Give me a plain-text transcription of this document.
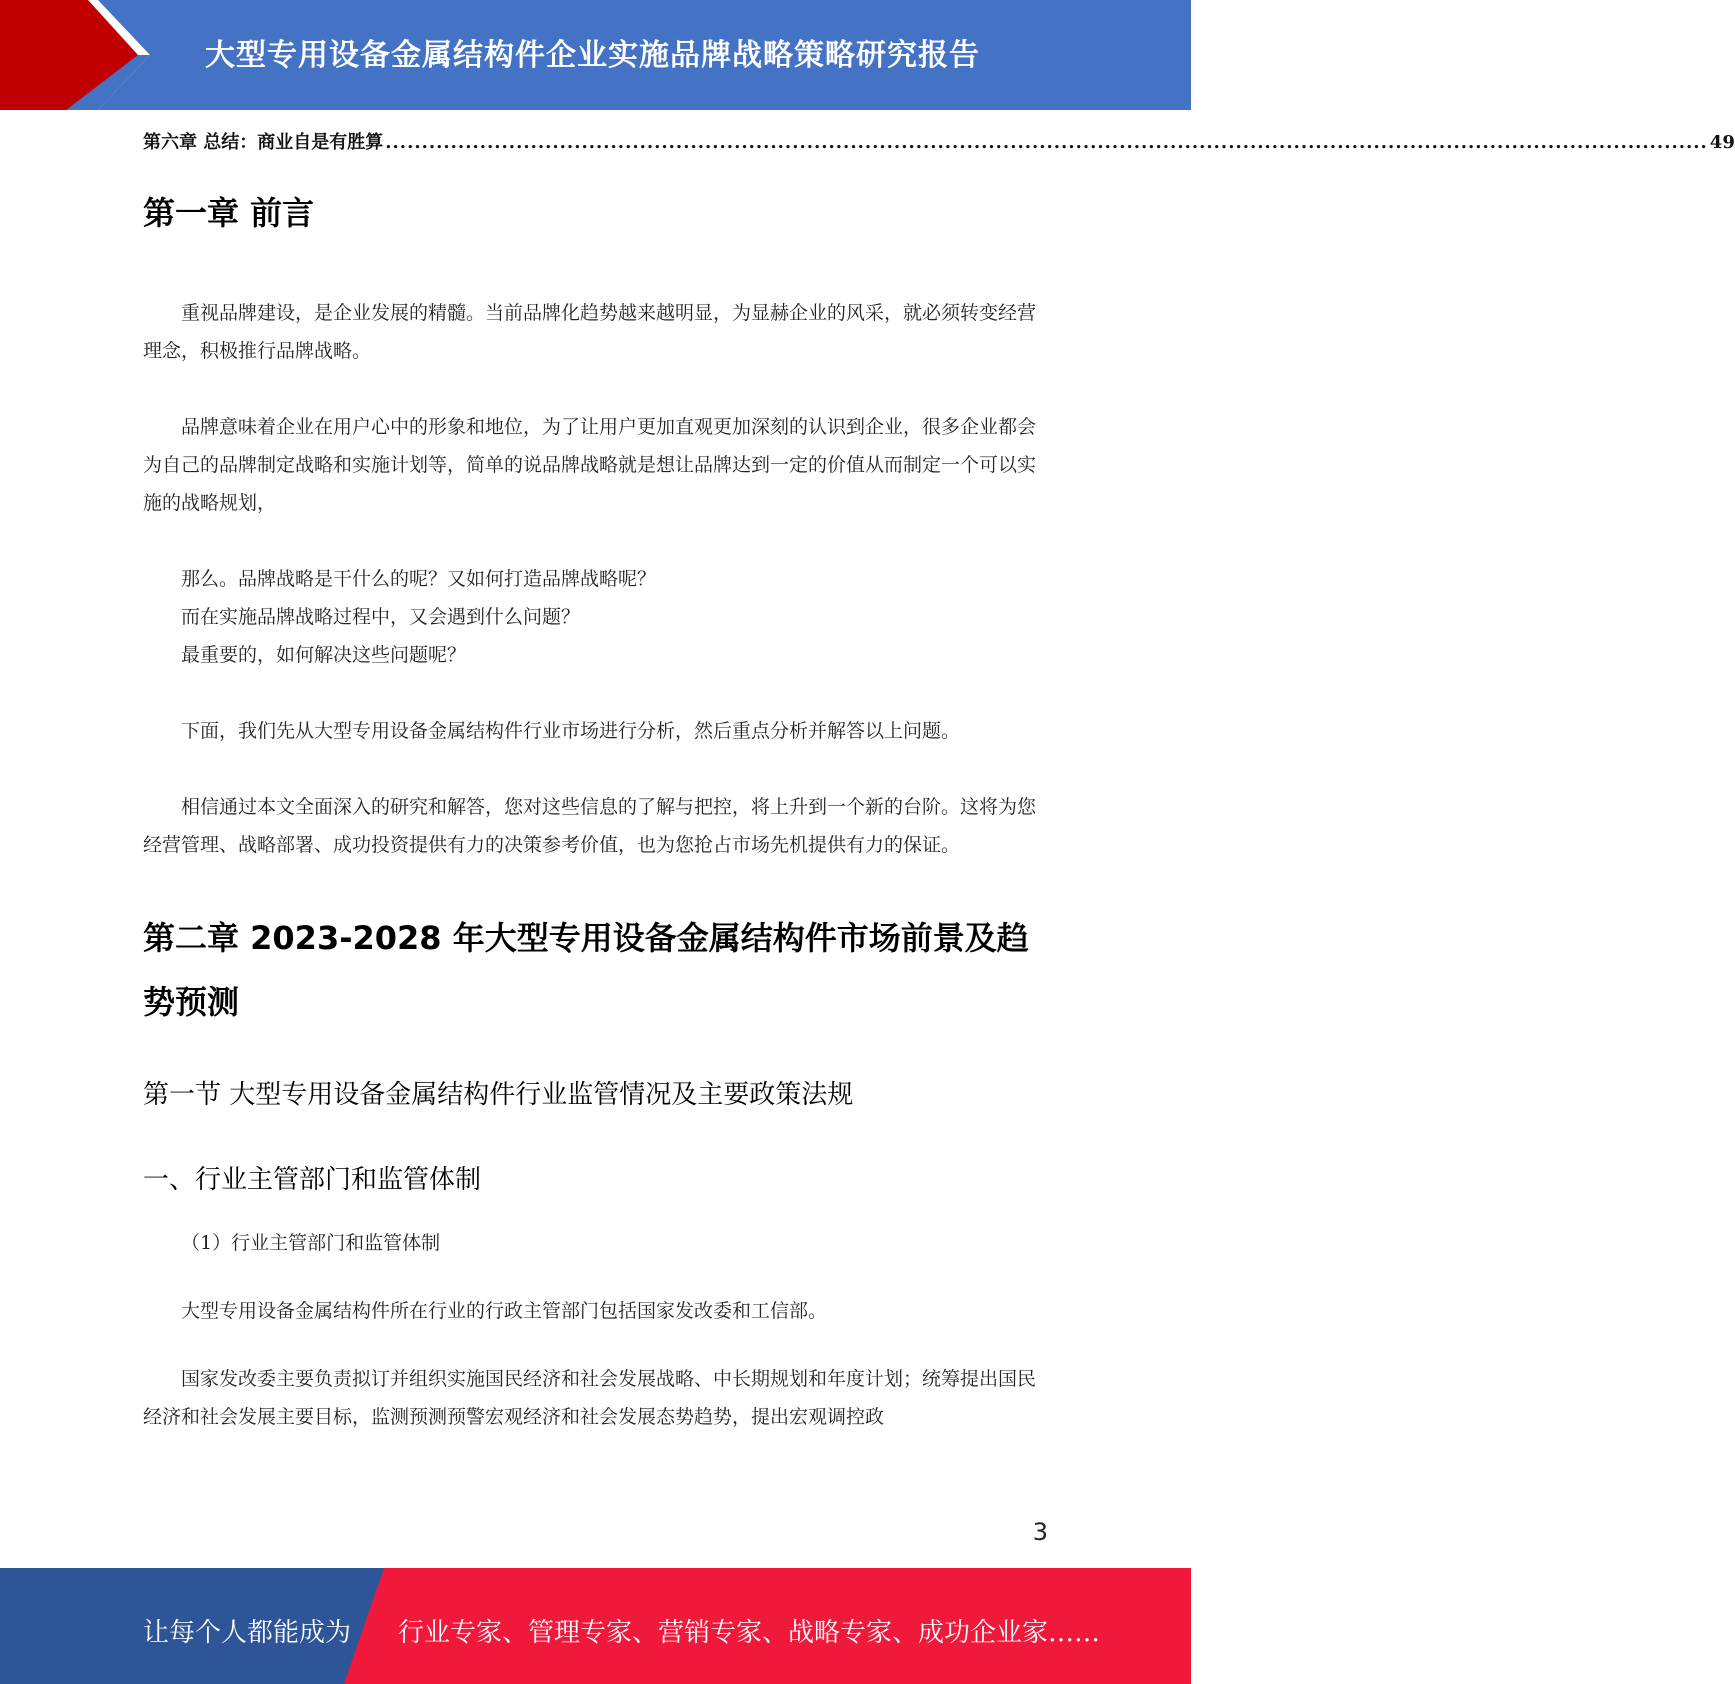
大型专用设备金属结构件企业实施品牌战略策略研究报告
第六章 总结：商业自是有胜算 ...................................................................................................................................................................................... 49
第一章 前言

重视品牌建设，是企业发展的精髓。当前品牌化趋势越来越明显，为显赫企业的风采，就必须转变经营理念，积极推行品牌战略。

品牌意味着企业在用户心中的形象和地位，为了让用户更加直观更加深刻的认识到企业，很多企业都会为自己的品牌制定战略和实施计划等，简单的说品牌战略就是想让品牌达到一定的价值从而制定一个可以实施的战略规划，

那么。品牌战略是干什么的呢？又如何打造品牌战略呢？

而在实施品牌战略过程中，又会遇到什么问题？

最重要的，如何解决这些问题呢？

下面，我们先从大型专用设备金属结构件行业市场进行分析，然后重点分析并解答以上问题。

相信通过本文全面深入的研究和解答，您对这些信息的了解与把控，将上升到一个新的台阶。这将为您经营管理、战略部署、成功投资提供有力的决策参考价值，也为您抢占市场先机提供有力的保证。

第二章 2023-2028 年大型专用设备金属结构件市场前景及趋势预测
第一节 大型专用设备金属结构件行业监管情况及主要政策法规
一、行业主管部门和监管体制

（1）行业主管部门和监管体制

大型专用设备金属结构件所在行业的行政主管部门包括国家发改委和工信部。

国家发改委主要负责拟订并组织实施国民经济和社会发展战略、中长期规划和年度计划；统筹提出国民经济和社会发展主要目标，监测预测预警宏观经济和社会发展态势趋势，提出宏观调控政

3
让每个人都能成为 行业专家、管理专家、营销专家、战略专家、成功企业家……
